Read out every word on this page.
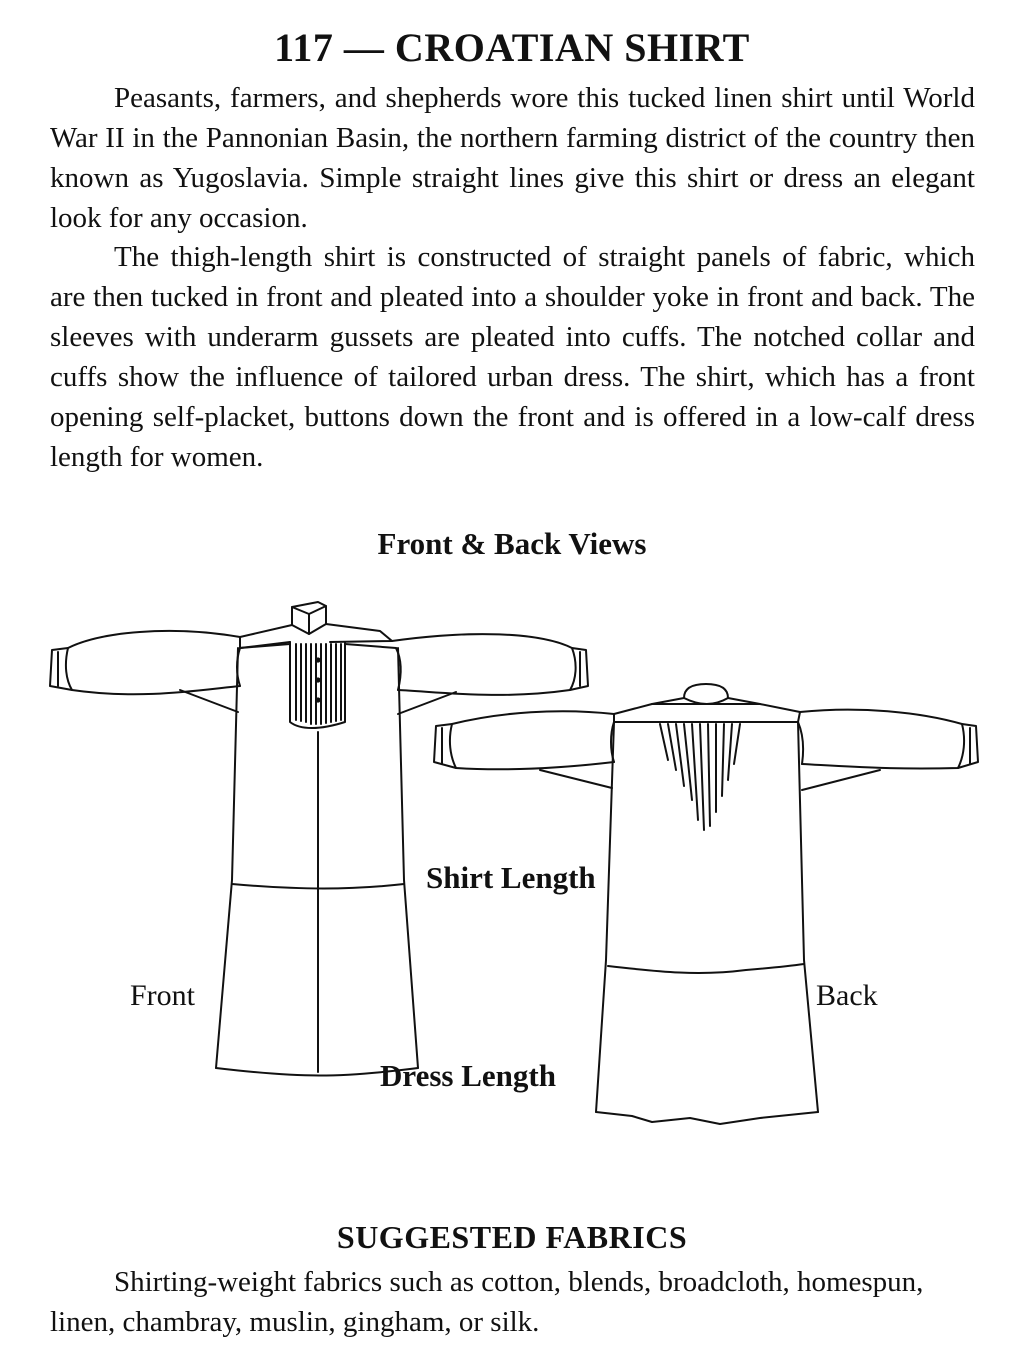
117 — CROATIAN SHIRT

Peasants, farmers, and shepherds wore this tucked linen shirt until World War II in the Pannonian Basin, the northern farming district of the country then known as Yugoslavia. Simple straight lines give this shirt or dress an elegant look for any occasion.

The thigh-length shirt is constructed of straight panels of fabric, which are then tucked in front and pleated into a shoulder yoke in front and back. The sleeves with underarm gussets are pleated into cuffs. The notched collar and cuffs show the influence of tailored urban dress. The shirt, which has a front opening self-placket, buttons down the front and is offered in a low-calf dress length for women.

Front & Back Views
Front	Back
Shirt Length
Dress Length
SUGGESTED FABRICS

Shirting-weight fabrics such as cotton, blends, broadcloth, homespun, linen, chambray, muslin, gingham, or silk.
